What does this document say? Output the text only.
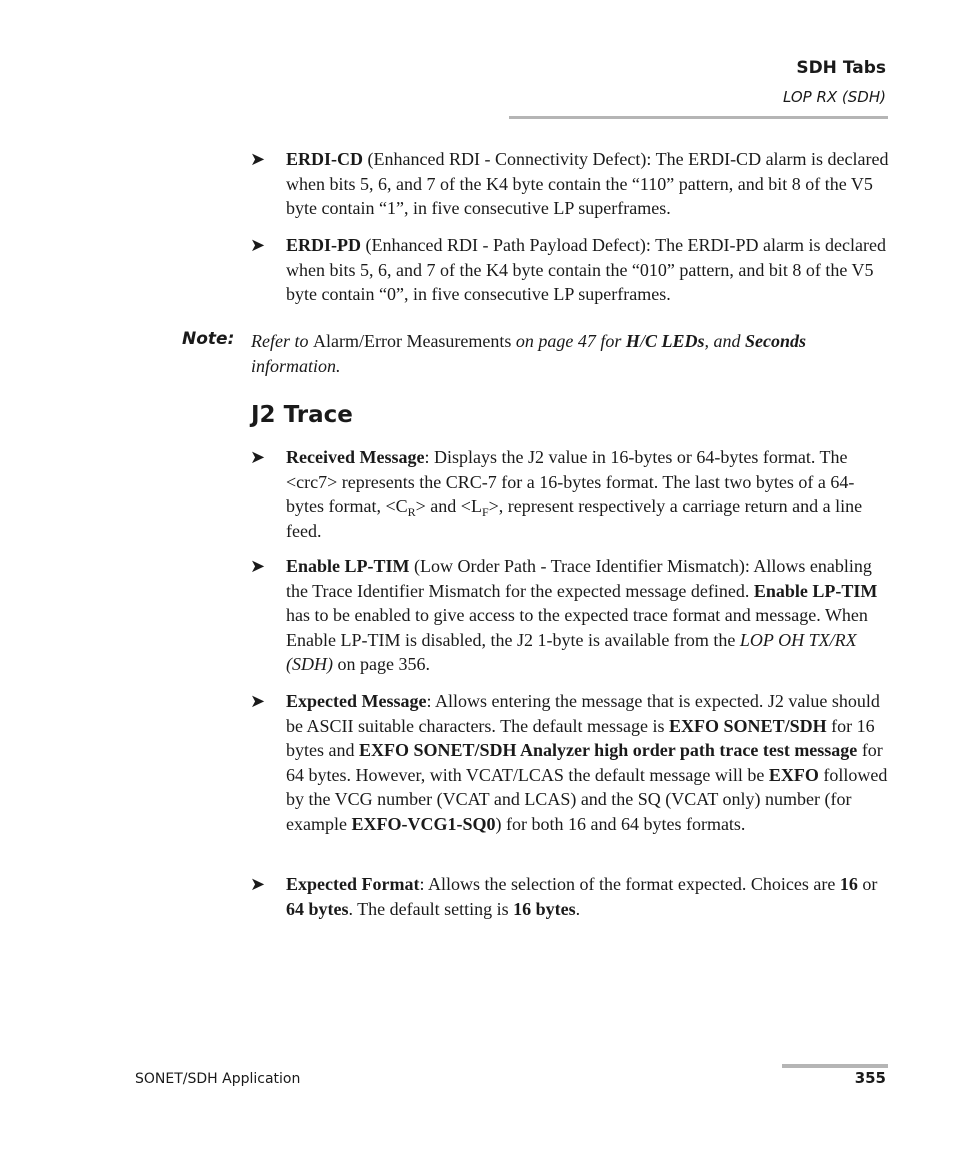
SDH Tabs
LOP RX (SDH)
➤ ERDI-CD (Enhanced RDI - Connectivity Defect): The ERDI-CD alarm is declared when bits 5, 6, and 7 of the K4 byte contain the “110” pattern, and bit 8 of the V5 byte contain “1”, in five consecutive LP superframes.
➤ ERDI-PD (Enhanced RDI - Path Payload Defect): The ERDI-PD alarm is declared when bits 5, 6, and 7 of the K4 byte contain the “010” pattern, and bit 8 of the V5 byte contain “0”, in five consecutive LP superframes.
Note: Refer to Alarm/Error Measurements on page 47 for H/C LEDs, and Seconds information.
J2 Trace
➤ Received Message: Displays the J2 value in 16-bytes or 64-bytes format. The <crc7> represents the CRC-7 for a 16-bytes format. The last two bytes of a 64-bytes format, $<C_R>$ and $<L_F>$, represent respectively a carriage return and a line feed.
➤ Enable LP-TIM (Low Order Path - Trace Identifier Mismatch): Allows enabling the Trace Identifier Mismatch for the expected message defined. Enable LP-TIM has to be enabled to give access to the expected trace format and message. When Enable LP-TIM is disabled, the J2 1-byte is available from the LOP OH TX/RX (SDH) on page 356.
➤ Expected Message: Allows entering the message that is expected. J2 value should be ASCII suitable characters. The default message is EXFO SONET/SDH for 16 bytes and EXFO SONET/SDH Analyzer high order path trace test message for 64 bytes. However, with VCAT/LCAS the default message will be EXFO followed by the VCG number (VCAT and LCAS) and the SQ (VCAT only) number (for example EXFO-VCG1-SQ0) for both 16 and 64 bytes formats.
➤ Expected Format: Allows the selection of the format expected. Choices are 16 or 64 bytes. The default setting is 16 bytes.
SONET/SDH Application	355
